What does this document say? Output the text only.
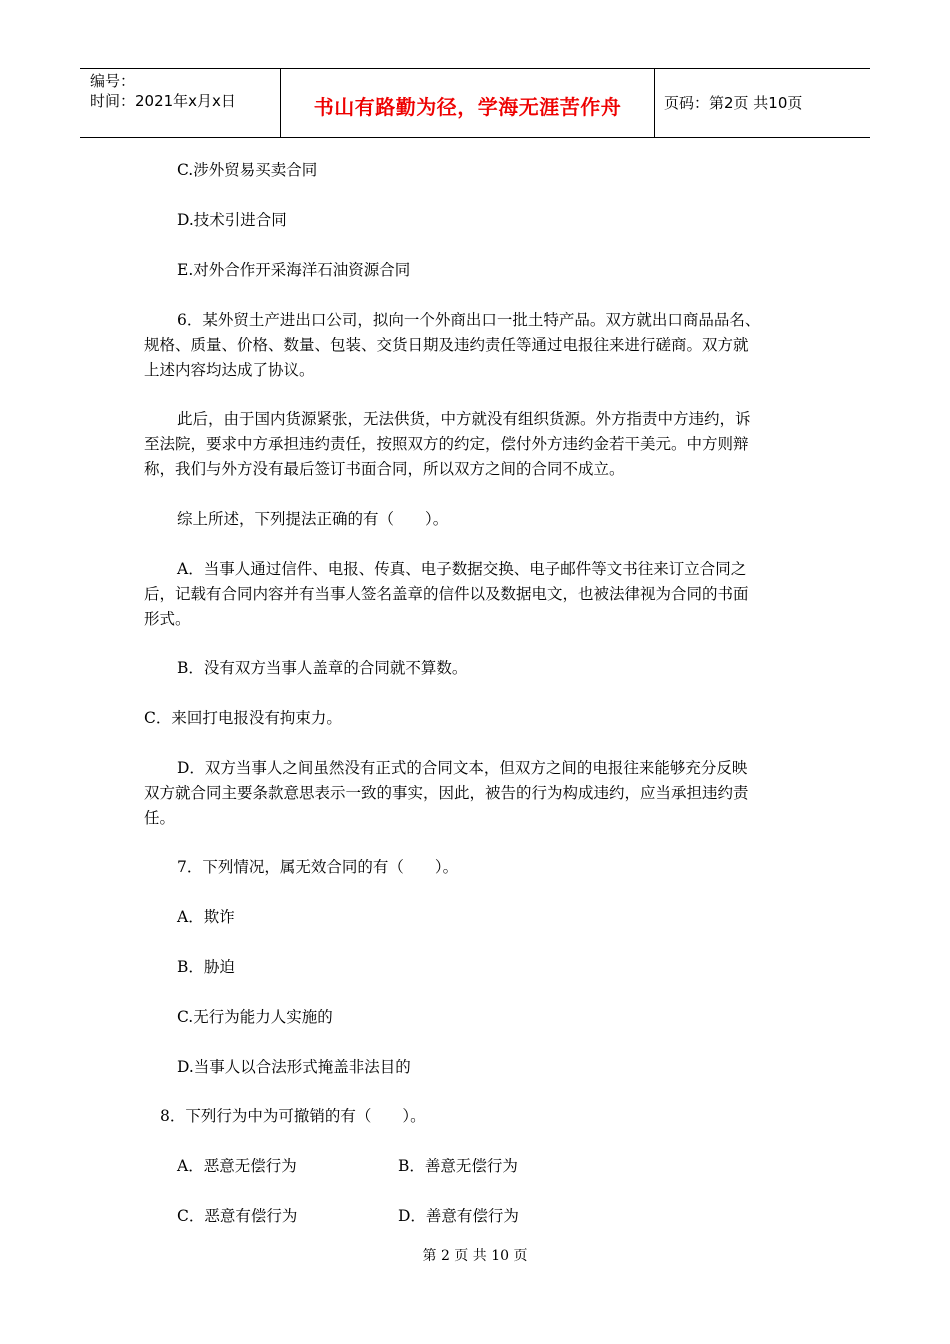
编号：
时间：2021年x月x日	书山有路勤为径，学海无涯苦作舟	页码：第2页 共10页
C.涉外贸易买卖合同
D.技术引进合同
E.对外合作开采海洋石油资源合同
6．某外贸土产进出口公司，拟向一个外商出口一批土特产品。双方就出口商品品名、
规格、质量、价格、数量、包装、交货日期及违约责任等通过电报往来进行磋商。双方就
上述内容均达成了协议。
此后，由于国内货源紧张，无法供货，中方就没有组织货源。外方指责中方违约，诉
至法院，要求中方承担违约责任，按照双方的约定，偿付外方违约金若干美元。中方则辩
称，我们与外方没有最后签订书面合同，所以双方之间的合同不成立。
综上所述，下列提法正确的有（　　）。
A．当事人通过信件、电报、传真、电子数据交换、电子邮件等文书往来订立合同之
后，记载有合同内容并有当事人签名盖章的信件以及数据电文，也被法律视为合同的书面
形式。
B．没有双方当事人盖章的合同就不算数。
C．来回打电报没有拘束力。
D．双方当事人之间虽然没有正式的合同文本，但双方之间的电报往来能够充分反映
双方就合同主要条款意思表示一致的事实，因此，被告的行为构成违约，应当承担违约责
任。
7．下列情况，属无效合同的有（　　）。
A．欺诈
B．胁迫
C.无行为能力人实施的
D.当事人以合法形式掩盖非法目的
8．下列行为中为可撤销的有（　　）。
A．恶意无偿行为	B．善意无偿行为
C．恶意有偿行为	D．善意有偿行为
第 2 页 共 10 页
